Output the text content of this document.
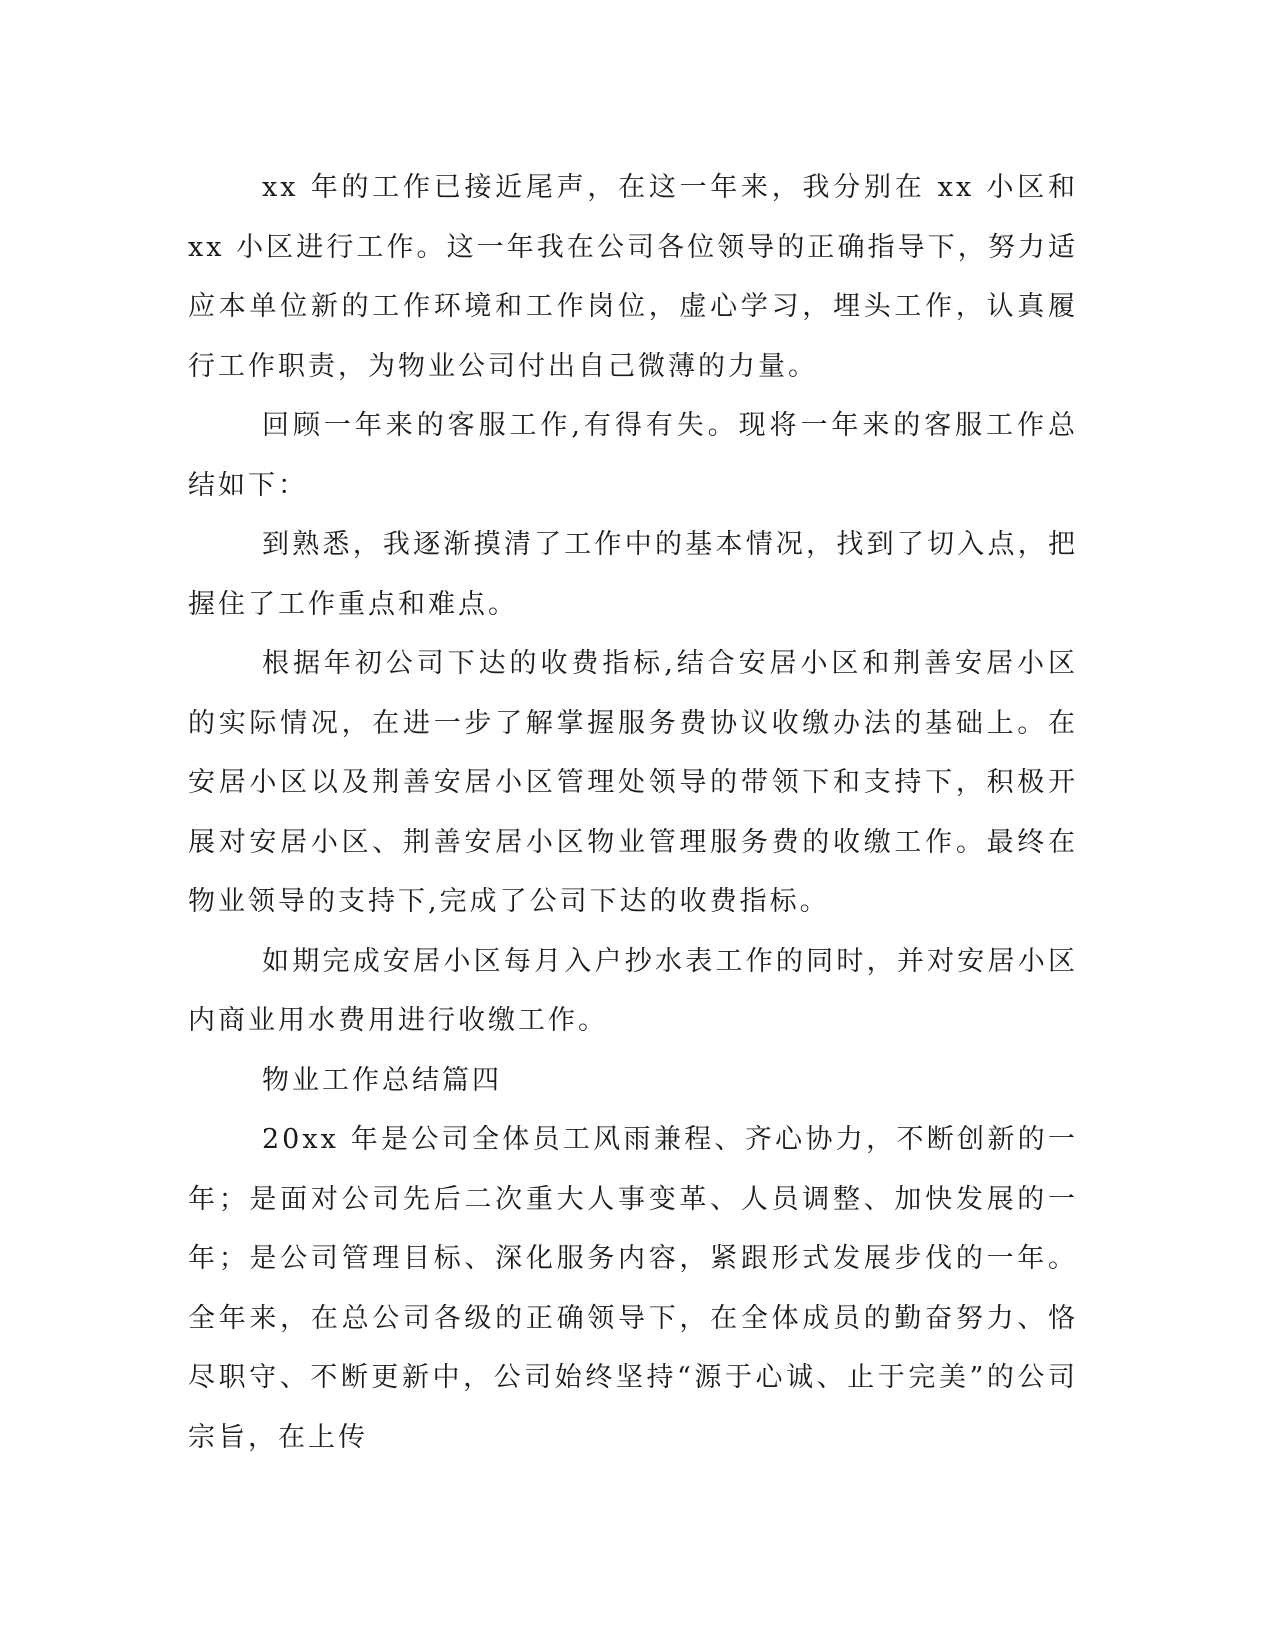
xx 年的工作已接近尾声，在这一年来，我分别在 xx 小区和 xx 小区进行工作。这一年我在公司各位领导的正确指导下，努力适应本单位新的工作环境和工作岗位，虚心学习，埋头工作，认真履行工作职责，为物业公司付出自己微薄的力量。

回顾一年来的客服工作,有得有失。现将一年来的客服工作总结如下：

到熟悉，我逐渐摸清了工作中的基本情况，找到了切入点，把握住了工作重点和难点。

根据年初公司下达的收费指标,结合安居小区和荆善安居小区的实际情况，在进一步了解掌握服务费协议收缴办法的基础上。在安居小区以及荆善安居小区管理处领导的带领下和支持下，积极开展对安居小区、荆善安居小区物业管理服务费的收缴工作。最终在物业领导的支持下,完成了公司下达的收费指标。

如期完成安居小区每月入户抄水表工作的同时，并对安居小区内商业用水费用进行收缴工作。

物业工作总结篇四

20xx 年是公司全体员工风雨兼程、齐心协力，不断创新的一年；是面对公司先后二次重大人事变革、人员调整、加快发展的一年；是公司管理目标、深化服务内容，紧跟形式发展步伐的一年。全年来，在总公司各级的正确领导下，在全体成员的勤奋努力、恪尽职守、不断更新中，公司始终坚持“源于心诚、止于完美”的公司宗旨，在上传
